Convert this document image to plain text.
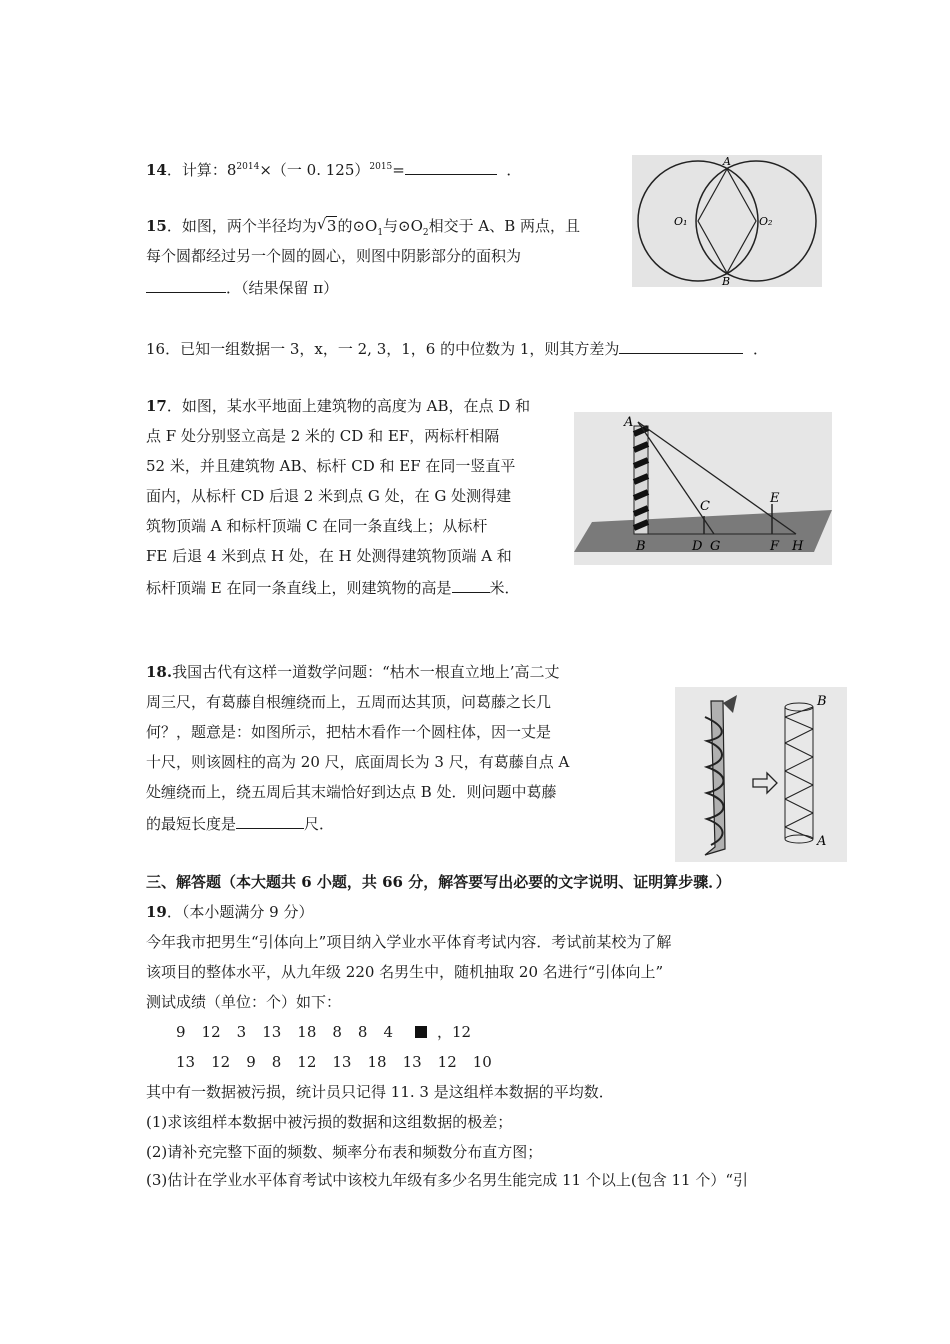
14．计算：$8^{2014}\times$（一 0. 125）$^{2015}$=	．	A
B
O₁	O₂
15．如图，两个半径均为 √ 3的$⊙O_1$与$⊙O_2$相交于 A、B 两点，且
每个圆都经过另一个圆的圆心，则图中阴影部分的面积为
．（结果保留 π）
16．已知一组数据一 3，x，一 2, 3，1，6 的中位数为 1，则其方差为	．
A
B
C
D G
E
F H
17．如图，某水平地面上建筑物的高度为 AB，在点 D 和
点 F 处分别竖立高是 2 米的 CD 和 EF，两标杆相隔
52 米，并且建筑物 AB、标杆 CD 和 EF 在同一竖直平
面内，从标杆 CD 后退 2 米到点 G 处，在 G 处测得建
筑物顶端 A 和标杆顶端 C 在同一条直线上；从标杆
FE 后退 4 米到点 H 处，在 H 处测得建筑物顶端 A 和
标杆顶端 E 在同一条直线上，则建筑物的高是	米．
B
A
18.我国古代有这样一道数学问题：“枯木一根直立地上’高二丈
周三尺，有葛藤自根缠绕而上，五周而达其顶，问葛藤之长几
何？，题意是：如图所示，把枯木看作一个圆柱体，因一丈是
十尺，则该圆柱的高为 20 尺，底面周长为 3 尺，有葛藤自点 A
处缠绕而上，绕五周后其末端恰好到达点 B 处．则问题中葛藤
的最短长度是	尺．
三、解答题（本大题共 6 小题，共 66 分，解答要写出必要的文字说明、证明算步骤．）
19．（本小题满分 9 分）
今年我市把男生“引体向上”项目纳入学业水平体育考试内容．考试前某校为了解
该项目的整体水平，从九年级 220 名男生中，随机抽取 20 名进行“引体向上”
测试成绩（单位：个）如下：
9 12 3 13 18 8 8 4	，12
13 12 9 8 12 13 18 13 12 10
其中有一数据被污损，统计员只记得 11. 3 是这组样本数据的平均数．
(1)求该组样本数据中被污损的数据和这组数据的极差；
(2)请补充完整下面的频数、频率分布表和频数分布直方图；
(3)估计在学业水平体育考试中该校九年级有多少名男生能完成 11 个以上(包含 11 个）“引
